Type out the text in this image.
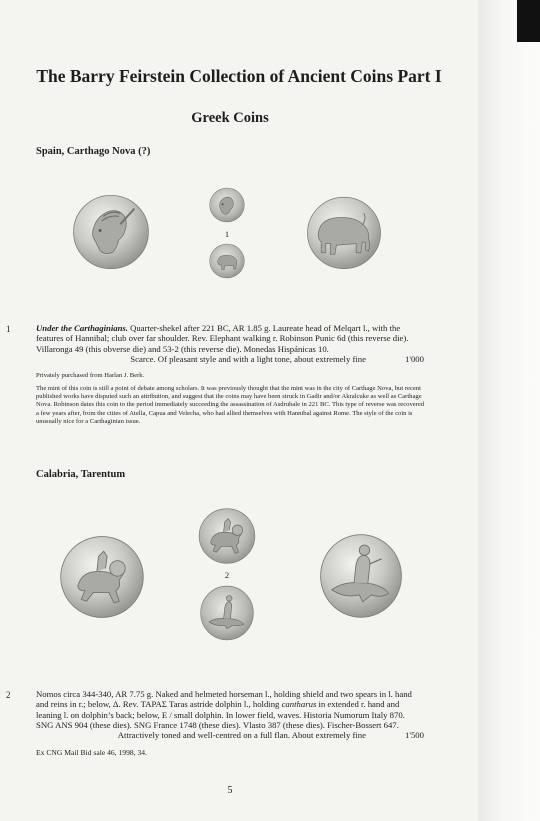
The Barry Feirstein Collection of Ancient Coins Part I
Greek Coins
Spain, Carthago Nova (?)
1
1	Under the Carthaginians. Quarter-shekel after 221 BC, AR 1.85 g. Laureate head of Melqart l., with the features of Hannibal; club over far shoulder. Rev. Elephant walking r. Robinson Punic 6d (this reverse die). Villaronga 49 (this obverse die) and 53-2 (this reverse die). Monedas Hispánicas 10.

Scarce. Of pleasant style and with a light tone, about extremely fine	1'000

Privately purchased from Harlan J. Berk.

The mint of this coin is still a point of debate among scholars. It was previously thought that the mint was in the city of Carthage Nova, but recent published works have disputed such an attribution, and suggest that the coins may have been struck in Gadir and/or Akralcuke as well as Carthage Nova. Robinson dates this coin to the period immediately succeeding the assassination of Asdrubale in 221 BC. This type of reverse was recovered a few years after, from the cities of Atella, Capua and Velecha, who had allied themselves with Hannibal against Rome. The style of the coin is unusually nice for a Carthaginian issue.

Calabria, Tarentum
2
2	Nomos circa 344-340, AR 7.75 g. Naked and helmeted horseman l., holding shield and two spears in l. hand and reins in r.; below, Δ. Rev. ΤΑΡΑΣ Taras astride dolphin l., holding cantharus in extended r. hand and leaning l. on dolphin’s back; below, E / small dolphin. In lower field, waves. Historia Numorum Italy 870. SNG ANS 904 (these dies). SNG France 1748 (these dies). Vlasto 387 (these dies). Fischer-Bossert 647.

Attractively toned and well-centred on a full flan. About extremely fine	1'500

Ex CNG Mail Bid sale 46, 1998, 34.

5
